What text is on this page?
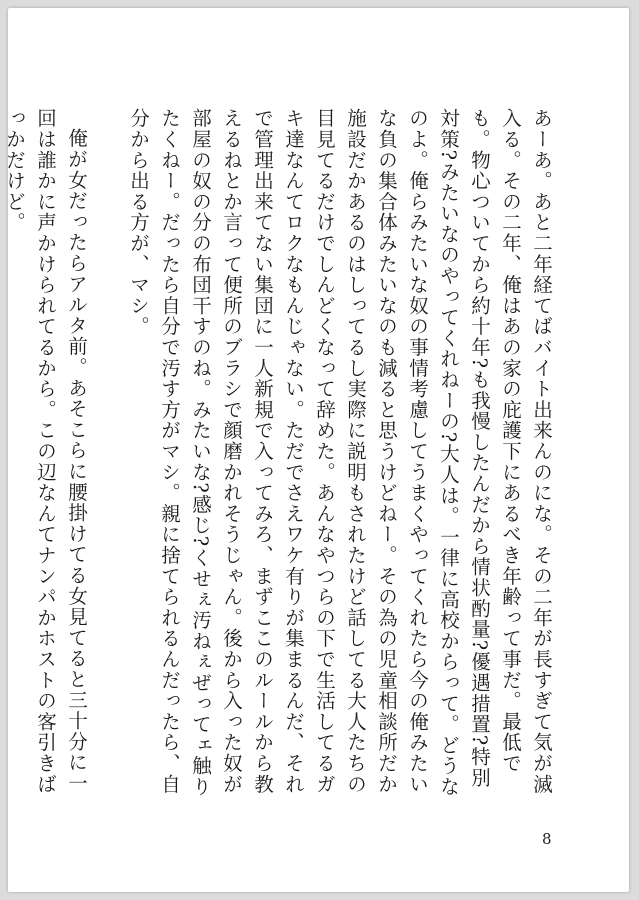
あーあ。あと二年経てばバイト出来んのにな。その二年が長すぎて気が滅入る。その二年、俺はあの家の庇護下にあるべき年齢って事だ。最低でも。物心ついてから約十年?も我慢したんだから情状酌量?優遇措置?特別対策?みたいなのやってくれねーの?大人は。一律に高校からって。どうなのよ。俺らみたいな奴の事情考慮してうまくやってくれたら今の俺みたいな負の集合体みたいなのも減ると思うけどねー。その為の児童相談所だか施設だかあるのはしってるし実際に説明もされたけど話してる大人たちの目見てるだけでしんどくなって辞めた。あんなやつらの下で生活してるガキ達なんてロクなもんじゃない。ただでさえワケ有りが集まるんだ、それで管理出来てない集団に一人新規で入ってみろ、まずここのルールから教えるねとか言って便所のブラシで顔磨かれそうじゃん。後から入った奴が部屋の奴の分の布団干すのね。みたいな?感じ?くせぇ汚ねぇぜってェ触りたくねー。だったら自分で汚す方がマシ。親に捨てられるんだったら、自分から出る方が、マシ。

俺が女だったらアルタ前。あそこらに腰掛けてる女見てると三十分に一回は誰かに声かけられてるから。この辺なんてナンパかホストの客引きばっかだけど。

8
